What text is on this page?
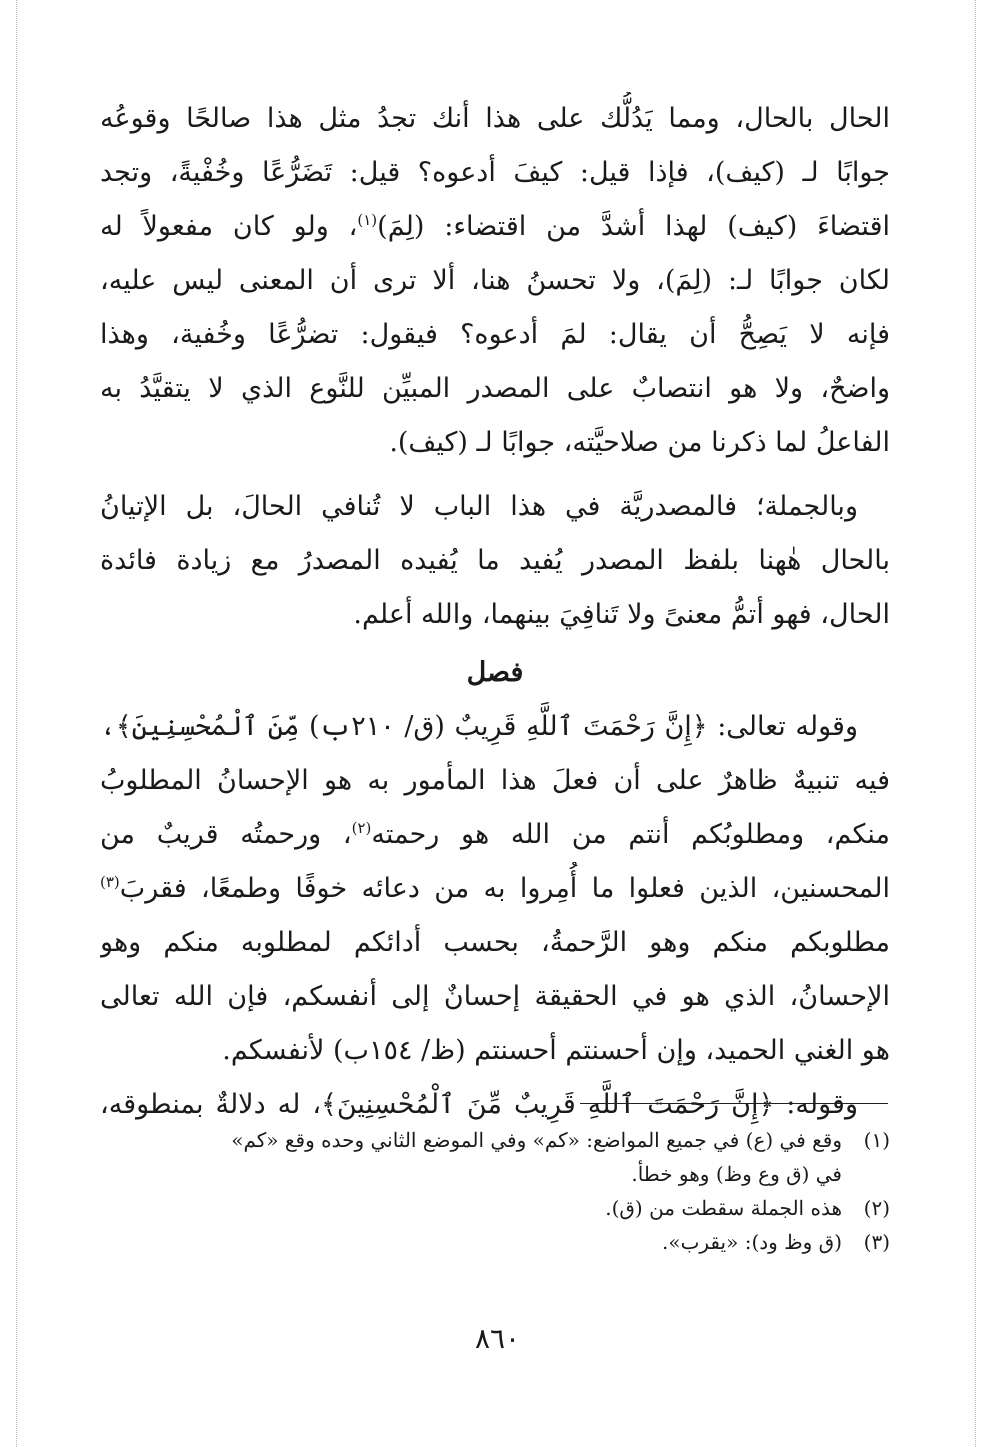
الحال بالحال، ومما يَدُلُّك على هذا أنك تجدُ مثل هذا صالحًا وقوعُه
جوابًا لـ (كيف)، فإذا قيل: كيفَ أدعوه؟ قيل: تَضَرُّعًا وخُفْيةً، وتجد
اقتضاءَ (كيف) لهذا أشدَّ من اقتضاء: (لِمَ)$^{(١)}$، ولو كان مفعولاً له
لكان جوابًا لـ: (لِمَ)، ولا تحسنُ هنا، ألا ترى أن المعنى ليس عليه،
فإنه لا يَصِحُّ أن يقال: لمَ أدعوه؟ فيقول: تضرُّعًا وخُفية، وهذا
واضحٌ، ولا هو انتصابٌ على المصدر المبيِّن للنَّوع الذي لا يتقيَّدُ به
الفاعلُ لما ذكرنا من صلاحيَّته، جوابًا لـ (كيف).
وبالجملة؛ فالمصدريَّة في هذا الباب لا تُنافي الحالَ، بل الإتيانُ
بالحال هٰهنا بلفظ المصدر يُفيد ما يُفيده المصدرُ مع زيادة فائدة
الحال، فهو أتمُّ معنىً ولا تَنافِيَ بينهما، والله أعلم.
فصل
وقوله تعالى: ﴿إِنَّ رَحْمَتَ ٱللَّهِ قَرِيبٌ (ق/ ٢١٠ب) مِّنَ ٱلْمُحْسِنِينَ﴾،
فيه تنبيهٌ ظاهرٌ على أن فعلَ هذا المأمور به هو الإحسانُ المطلوبُ
منكم، ومطلوبُكم أنتم من الله هو رحمته$^{(٢)}$، ورحمتُه قريبٌ من
المحسنين، الذين فعلوا ما أُمِروا به من دعائه خوفًا وطمعًا، فقربَ$^{(٣)}$
مطلوبكم منكم وهو الرَّحمةُ، بحسب أدائكم لمطلوبه منكم وهو
الإحسانُ، الذي هو في الحقيقة إحسانٌ إلى أنفسكم، فإن الله تعالى
هو الغني الحميد، وإن أحسنتم أحسنتم (ظ/ ١٥٤ب) لأنفسكم.
وقوله: ﴿إِنَّ رَحْمَتَ ٱللَّهِ قَرِيبٌ مِّنَ ٱلْمُحْسِنِينَ﴾، له دلالةٌ بمنطوقه،
(١)
وقع في (ع) في جميع المواضع: «كم» وفي الموضع الثاني وحده وقع «كم»
في (ق وع وظ) وهو خطأ.
(٢)
هذه الجملة سقطت من (ق).
(٣)
(ق وظ ود): «يقرب».
٨٦٠
